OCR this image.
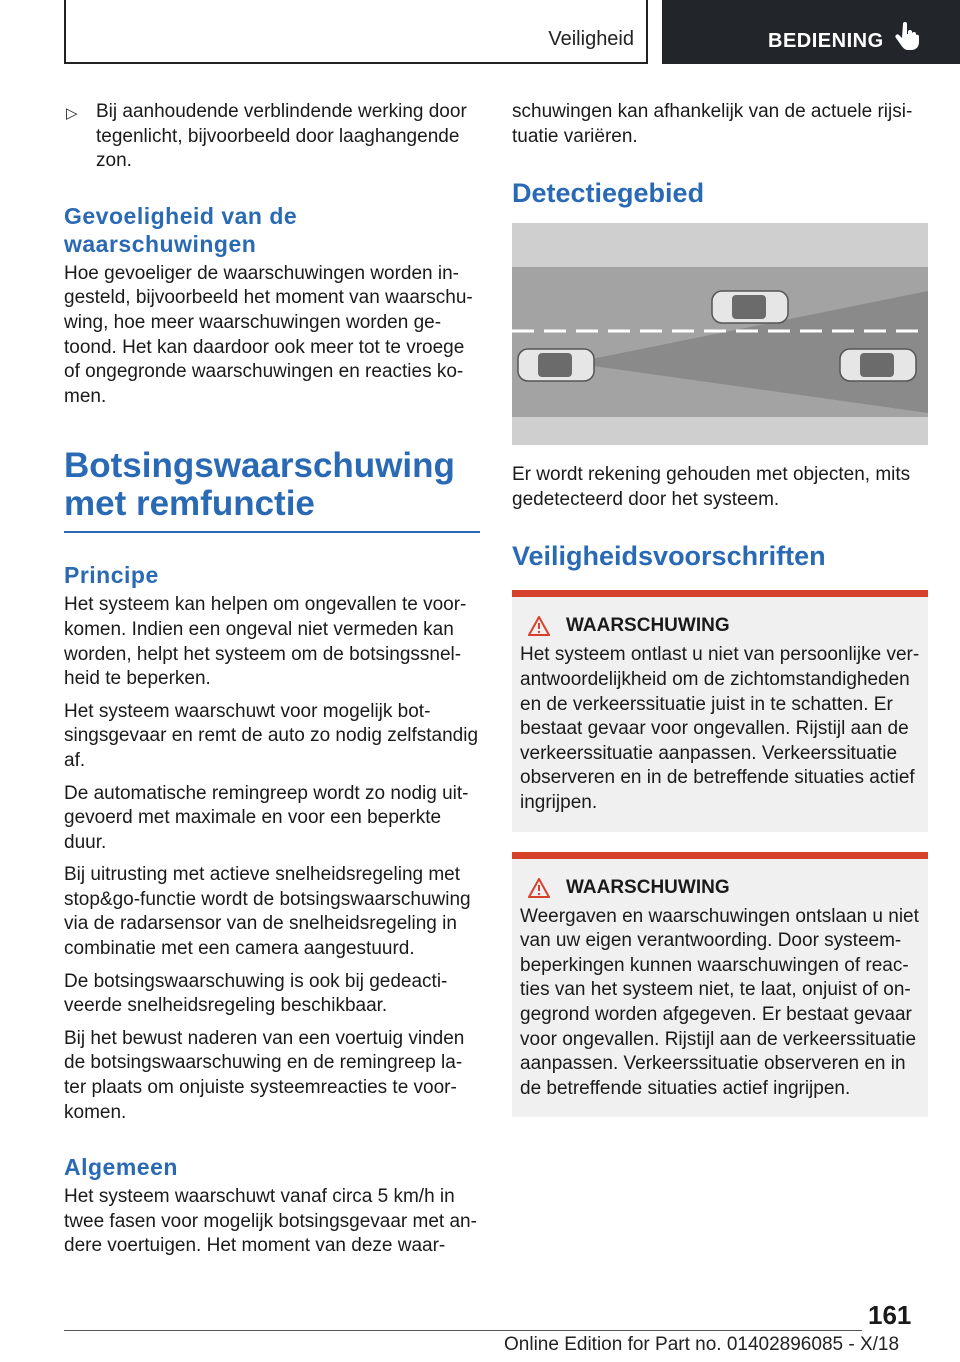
Veiligheid	BEDIENING

▷ Bij aanhoudende verblindende werking door tegenlicht, bijvoorbeeld door laaghangende zon.

Gevoeligheid van de waarschuwingen

Hoe gevoeliger de waarschuwingen worden in-gesteld, bijvoorbeeld het moment van waarschu-wing, hoe meer waarschuwingen worden ge-toond. Het kan daardoor ook meer tot te vroege of ongegronde waarschuwingen en reacties ko-men.

Botsingswaarschuwing met remfunctie
Principe

Het systeem kan helpen om ongevallen te voor-komen. Indien een ongeval niet vermeden kan worden, helpt het systeem om de botsingssnel-heid te beperken.

Het systeem waarschuwt voor mogelijk bot-singsgevaar en remt de auto zo nodig zelfstandig af.

De automatische remingreep wordt zo nodig uit-gevoerd met maximale en voor een beperkte duur.

Bij uitrusting met actieve snelheidsregeling met stop&go-functie wordt de botsingswaarschuwing via de radarsensor van de snelheidsregeling in combinatie met een camera aangestuurd.

De botsingswaarschuwing is ook bij gedeacti-veerde snelheidsregeling beschikbaar.

Bij het bewust naderen van een voertuig vinden de botsingswaarschuwing en de remingreep la-ter plaats om onjuiste systeemreacties te voor-komen.

Algemeen

Het systeem waarschuwt vanaf circa 5 km/h in twee fasen voor mogelijk botsingsgevaar met an-dere voertuigen. Het moment van deze waar-

schuwingen kan afhankelijk van de actuele rijsi-tuatie variëren.

Detectiegebied

Er wordt rekening gehouden met objecten, mits gedetecteerd door het systeem.

Veiligheidsvoorschriften
WAARSCHUWING

Het systeem ontlast u niet van persoonlijke ver-antwoordelijkheid om de zichtomstandigheden en de verkeerssituatie juist in te schatten. Er bestaat gevaar voor ongevallen. Rijstijl aan de verkeerssituatie aanpassen. Verkeerssituatie observeren en in de betreffende situaties actief ingrijpen.

WAARSCHUWING

Weergaven en waarschuwingen ontslaan u niet van uw eigen verantwoording. Door systeem-beperkingen kunnen waarschuwingen of reac-ties van het systeem niet, te laat, onjuist of on-gegrond worden afgegeven. Er bestaat gevaar voor ongevallen. Rijstijl aan de verkeerssituatie aanpassen. Verkeerssituatie observeren en in de betreffende situaties actief ingrijpen.

161
Online Edition for Part no. 01402896085 - X/18
